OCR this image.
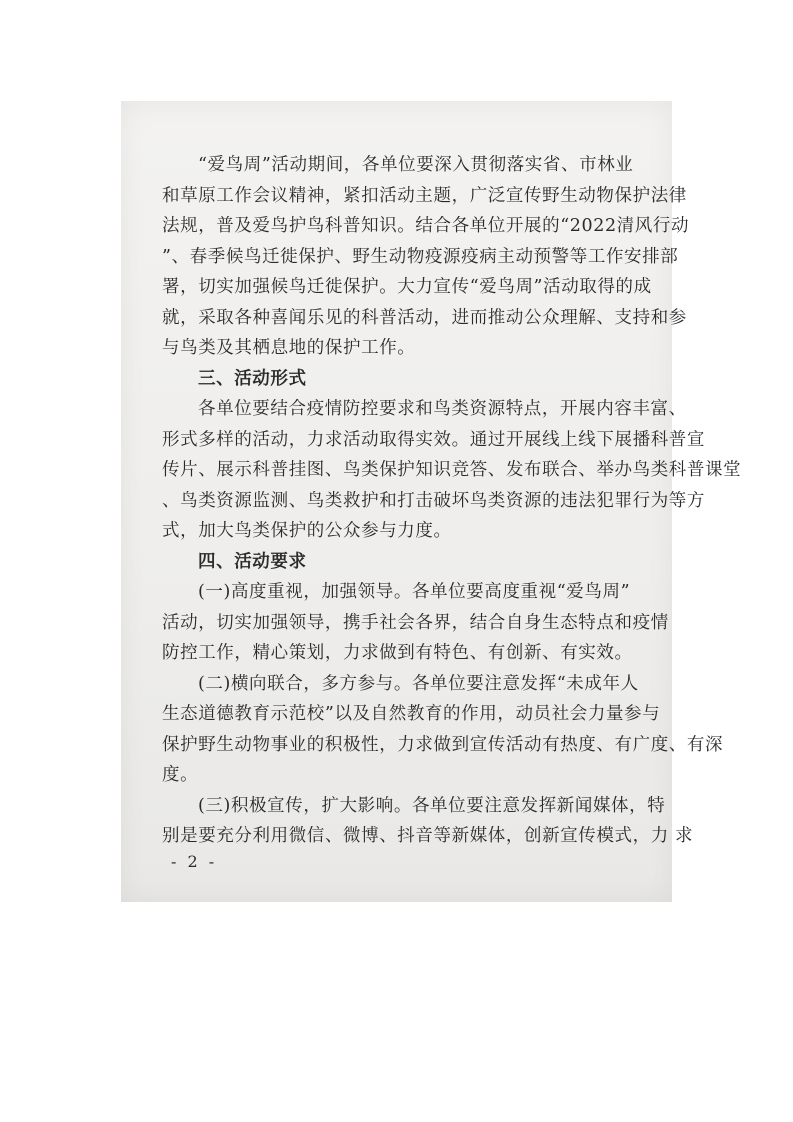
“爱鸟周”活动期间，各单位要深入贯彻落实省、市林业
和草原工作会议精神，紧扣活动主题，广泛宣传野生动物保护法律
法规，普及爱鸟护鸟科普知识。结合各单位开展的“2022清风行动
”、春季候鸟迁徙保护、野生动物疫源疫病主动预警等工作安排部
署，切实加强候鸟迁徙保护。大力宣传“爱鸟周”活动取得的成
就，采取各种喜闻乐见的科普活动，进而推动公众理解、支持和参
与鸟类及其栖息地的保护工作。
三、活动形式
各单位要结合疫情防控要求和鸟类资源特点，开展内容丰富、
形式多样的活动，力求活动取得实效。通过开展线上线下展播科普宣
传片、展示科普挂图、鸟类保护知识竞答、发布联合、举办鸟类科普课堂
、鸟类资源监测、鸟类救护和打击破坏鸟类资源的违法犯罪行为等方
式，加大鸟类保护的公众参与力度。
四、活动要求
(一)高度重视，加强领导。各单位要高度重视“爱鸟周”
活动，切实加强领导，携手社会各界，结合自身生态特点和疫情
防控工作，精心策划，力求做到有特色、有创新、有实效。
(二)横向联合，多方参与。各单位要注意发挥“未成年人
生态道德教育示范校”以及自然教育的作用，动员社会力量参与
保护野生动物事业的积极性，力求做到宣传活动有热度、有广度、有深
度。
(三)积极宣传，扩大影响。各单位要注意发挥新闻媒体，特
别是要充分利用微信、微博、抖音等新媒体，创新宣传模式，力 求
- 2 -
